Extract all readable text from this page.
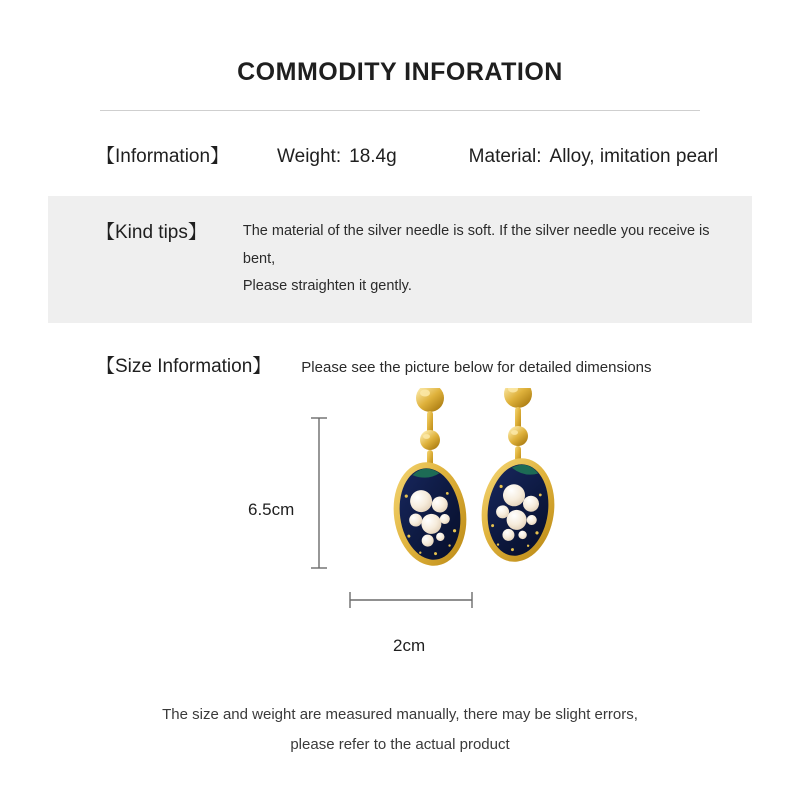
COMMODITY INFORATION
【Information】	Weight: 18.4g	Material: Alloy, imitation pearl
【Kind tips】 The material of the silver needle is soft. If the silver needle you receive is bent,
Please straighten it gently.
【Size Information】 Please see the picture below for detailed dimensions
6.5cm
2cm
The size and weight are measured manually, there may be slight errors,
please refer to the actual product
